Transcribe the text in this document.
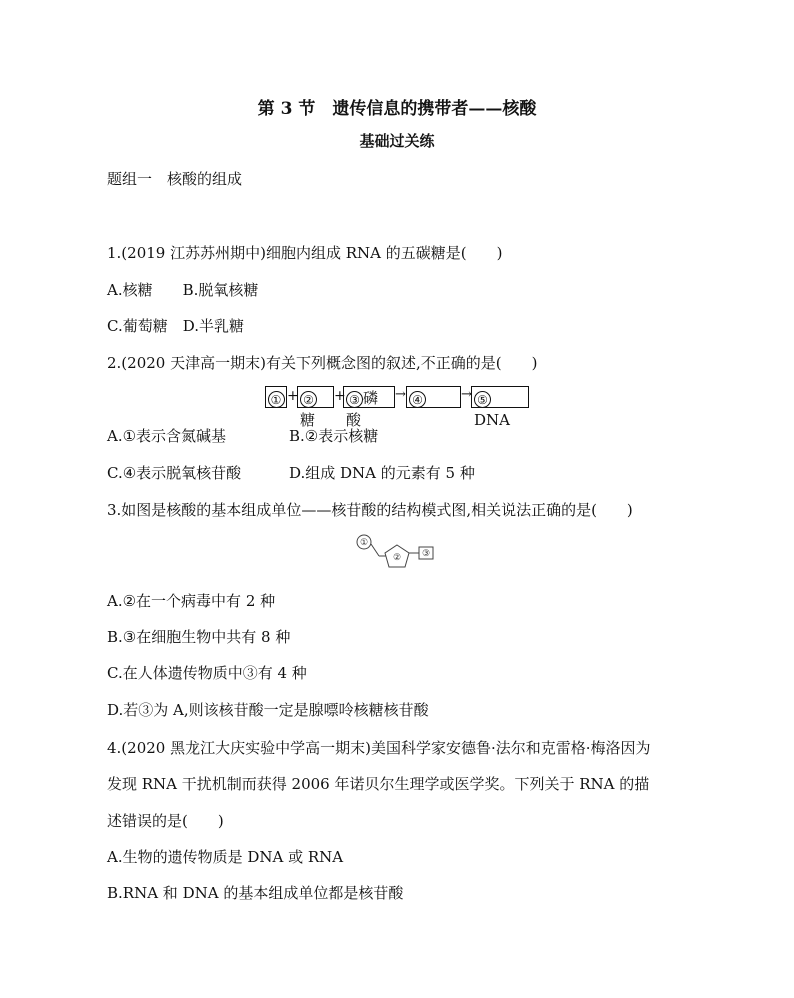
第 3 节　遗传信息的携带者——核酸
基础过关练
题组一　核酸的组成
1.(2019 江苏苏州期中)细胞内组成 RNA 的五碳糖是(　　)
A.核糖　　B.脱氧核糖
C.葡萄糖　D.半乳糖
2.(2020 天津高一期末)有关下列概念图的叙述,不正确的是(　　)
① + ②糖
+ ③ 磷酸
→ ④	→ ⑤DNA
A.①表示含氮碱基	B.②表示核糖
C.④表示脱氧核苷酸	D.组成 DNA 的元素有 5 种
3.如图是核酸的基本组成单位——核苷酸的结构模式图,相关说法正确的是(　　)
①
② ③
A.②在一个病毒中有 2 种
B.③在细胞生物中共有 8 种
C.在人体遗传物质中③有 4 种
D.若③为 A,则该核苷酸一定是腺嘌呤核糖核苷酸
4.(2020 黑龙江大庆实验中学高一期末)美国科学家安德鲁·法尔和克雷格·梅洛因为
发现 RNA 干扰机制而获得 2006 年诺贝尔生理学或医学奖。下列关于 RNA 的描
述错误的是(　　)
A.生物的遗传物质是 DNA 或 RNA
B.RNA 和 DNA 的基本组成单位都是核苷酸
